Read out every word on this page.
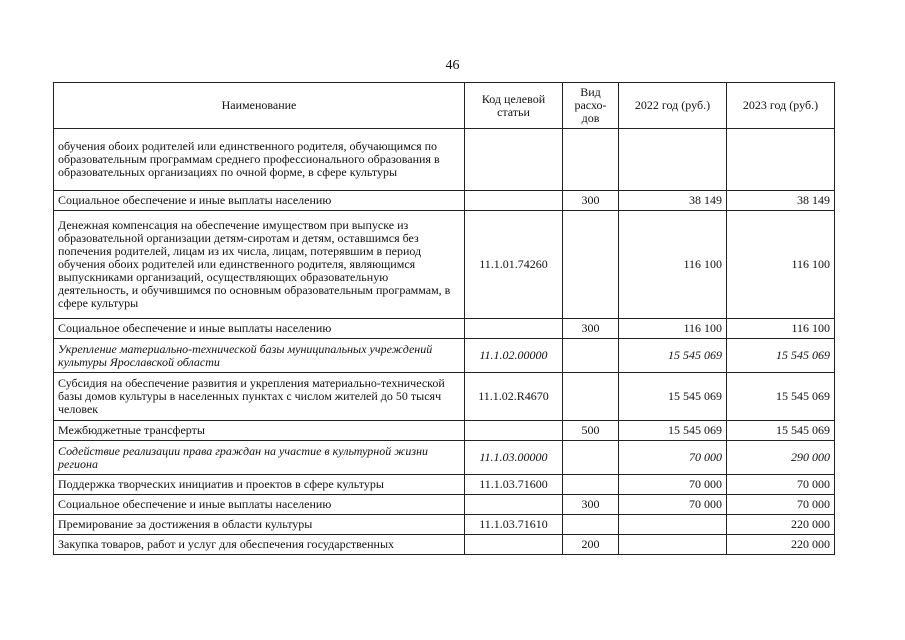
46
Наименование	Код целевой статьи	Вид расхо-дов	2022 год (руб.)	2023 год (руб.)
обучения обоих родителей или единственного родителя, обучающимся по образовательным программам среднего профессионального образования в образовательных организациях по очной форме, в сфере культуры				
Социальное обеспечение и иные выплаты населению		300	38 149	38 149
Денежная компенсация на обеспечение имуществом при выпуске из образовательной организации детям-сиротам и детям, оставшимся без попечения родителей, лицам из их числа, лицам, потерявшим в период обучения обоих родителей или единственного родителя, являющимся выпускниками организаций, осуществляющих образовательную деятельность, и обучившимся по основным образовательным программам, в сфере культуры	11.1.01.74260		116 100	116 100
Социальное обеспечение и иные выплаты населению		300	116 100	116 100
Укрепление материально-технической базы муниципальных учреждений культуры Ярославской области	11.1.02.00000		15 545 069	15 545 069
Субсидия на обеспечение развития и укрепления материально-технической базы домов культуры в населенных пунктах с числом жителей до 50 тысяч человек	11.1.02.R4670		15 545 069	15 545 069
Межбюджетные трансферты		500	15 545 069	15 545 069
Содействие реализации права граждан на участие в культурной жизни региона	11.1.03.00000		70 000	290 000
Поддержка творческих инициатив и проектов в сфере культуры	11.1.03.71600		70 000	70 000
Социальное обеспечение и иные выплаты населению		300	70 000	70 000
Премирование за достижения в области культуры	11.1.03.71610			220 000
Закупка товаров, работ и услуг для обеспечения государственных		200		220 000
